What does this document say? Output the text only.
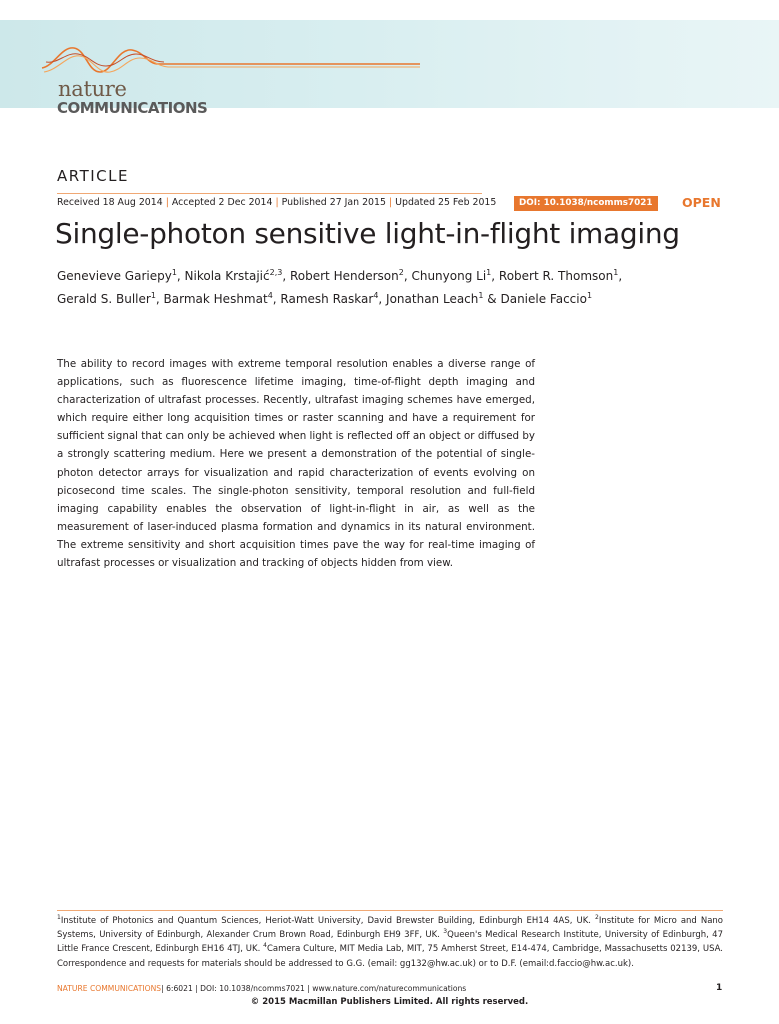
nature
COMMUNICATIONS
ARTICLE
Received 18 Aug 2014 | Accepted 2 Dec 2014 | Published 27 Jan 2015 | Updated 25 Feb 2015	DOI: 10.1038/ncomms7021	OPEN
Single-photon sensitive light-in-flight imaging
Genevieve Gariepy$^1$, Nikola Krstajić$^{2,3}$, Robert Henderson$^2$, Chunyong Li$^1$, Robert R. Thomson$^1$,
Gerald S. Buller$^1$, Barmak Heshmat$^4$, Ramesh Raskar$^4$, Jonathan Leach$^1$ & Daniele Faccio$^1$
The ability to record images with extreme temporal resolution enables a diverse range of applications, such as fluorescence lifetime imaging, time-of-flight depth imaging and characterization of ultrafast processes. Recently, ultrafast imaging schemes have emerged, which require either long acquisition times or raster scanning and have a requirement for sufficient signal that can only be achieved when light is reflected off an object or diffused by a strongly scattering medium. Here we present a demonstration of the potential of single-photon detector arrays for visualization and rapid characterization of events evolving on picosecond time scales. The single-photon sensitivity, temporal resolution and full-field imaging capability enables the observation of light-in-flight in air, as well as the measurement of laser-induced plasma formation and dynamics in its natural environment. The extreme sensitivity and short acquisition times pave the way for real-time imaging of ultrafast processes or visualization and tracking of objects hidden from view.
$^1$Institute of Photonics and Quantum Sciences, Heriot-Watt University, David Brewster Building, Edinburgh EH14 4AS, UK. $^2$Institute for Micro and Nano Systems, University of Edinburgh, Alexander Crum Brown Road, Edinburgh EH9 3FF, UK. $^3$Queen's Medical Research Institute, University of Edinburgh, 47 Little France Crescent, Edinburgh EH16 4TJ, UK. $^4$Camera Culture, MIT Media Lab, MIT, 75 Amherst Street, E14-474, Cambridge, Massachusetts 02139, USA. Correspondence and requests for materials should be addressed to G.G. (email: gg132@hw.ac.uk) or to D.F. (email:d.faccio@hw.ac.uk).
NATURE COMMUNICATIONS| 6:6021 | DOI: 10.1038/ncomms7021 | www.nature.com/naturecommunications	1
© 2015 Macmillan Publishers Limited. All rights reserved.
